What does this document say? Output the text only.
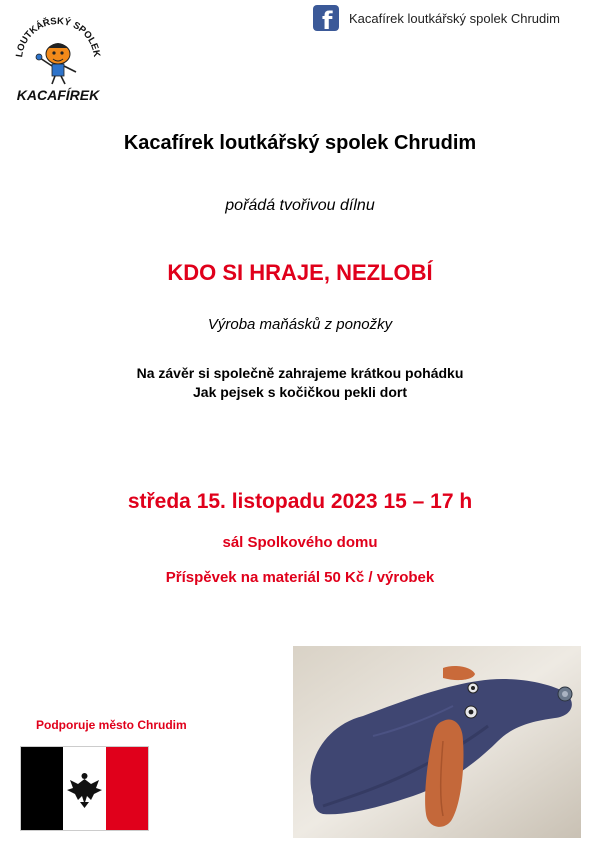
LOUTKÁŘSKÝ SPOLEK
KACAFÍREK
f Kacafírek loutkářský spolek Chrudim
Kacafírek loutkářský spolek Chrudim
pořádá tvořivou dílnu
KDO SI HRAJE, NEZLOBÍ
Výroba maňásků z ponožky
Na závěr si společně zahrajeme krátkou pohádku
Jak pejsek s kočičkou pekli dort
středa 15. listopadu 2023 15 – 17 h
sál Spolkového domu
Příspěvek na materiál 50 Kč / výrobek
Podporuje město Chrudim
